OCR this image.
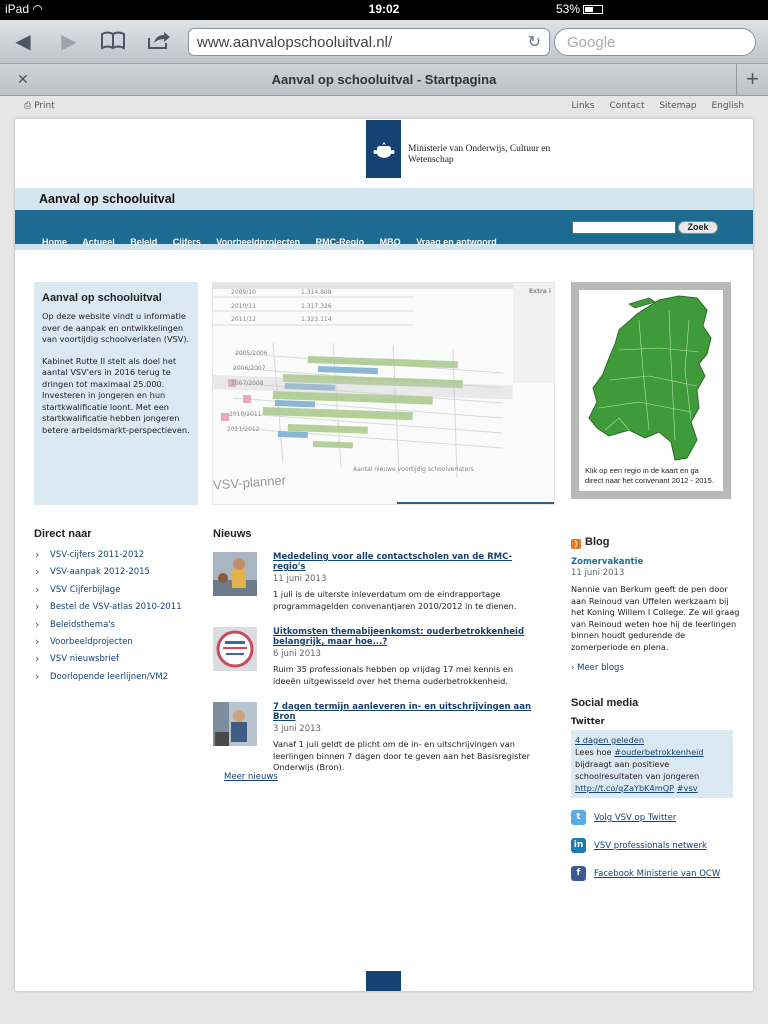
iPad ◠	19:02	53%
◀ ▶	www.aanvalopschooluitval.nl/	↻	Google
✕	Aanval op schooluitval - Startpagina	+
⎙ Print	Links Contact Sitemap English
Ministerie van Onderwijs, Cultuur en
Wetenschap
Aanval op schooluitval
Home Actueel Beleid Cijfers Voorbeeldprojecten RMC-Regio MBO Vraag en antwoord
Zoek
Aanval op schooluitval

Op deze website vindt u informatie over de aanpak en ontwikkelingen van voortijdig schoolverlaten (VSV).

Kabinet Rutte II stelt als doel het aantal VSV'ers in 2016 terug te dringen tot maximaal 25.000. Investeren in jongeren en hun startkwalificatie loont. Met een startkwalificatie hebben jongeren betere arbeidsmarkt-perspectieven.

2009/10
2010/11
2011/12
1.314.808
1.317.326
1.323.114
2005/2006
2006/2007
2007/2008
2010/2011
2011/2012
Aantal nieuwe voortijdig schoolverlaters
Extra i
VSV-planner
Klik op een regio in de kaart en ga direct naar het convenant 2012 - 2015.
Direct naar
› VSV-cijfers 2011-2012
› VSV-aanpak 2012-2015
› VSV Cijferbijlage
› Bestel de VSV-atlas 2010-2011
› Beleidsthema's
› Voorbeeldprojecten
› VSV nieuwsbrief
› Doorlopende leerlijnen/VM2
Nieuws
Mededeling voor alle contactscholen van de RMC-regio's
11 juni 2013
1 juli is de uiterste inleverdatum om de eindrapportage programmagelden convenantjaren 2010/2012 in te dienen.
Uitkomsten themabijeenkomst: ouderbetrokkenheid belangrijk, maar hoe...?
6 juni 2013
Ruim 35 professionals hebben op vrijdag 17 mei kennis en ideeën uitgewisseld over het thema ouderbetrokkenheid.
7 dagen termijn aanleveren in- en uitschrijvingen aan Bron
3 juni 2013
Vanaf 1 juli geldt de plicht om de in- en uitschrijvingen van leerlingen binnen 7 dagen door te geven aan het Basisregister Onderwijs (Bron).
Meer nieuws
) Blog
Zomervakantie
11 juni 2013
Nannie van Berkum geeft de pen door aan Reinoud van Uffelen werkzaam bij het Koning Willem I College. Ze wil graag van Reinoud weten hoe hij de leerlingen binnen houdt gedurende de zomerperiode en plena.
› Meer blogs
Social media
Twitter
4 dagen geleden
Lees hoe #ouderbetrokkenheid bijdraagt aan positieve schoolresultaten van jongeren http://t.co/qZaYbK4mQP #vsv
t Volg VSV op Twitter
in VSV professionals netwerk
f Facebook Ministerie van OCW
